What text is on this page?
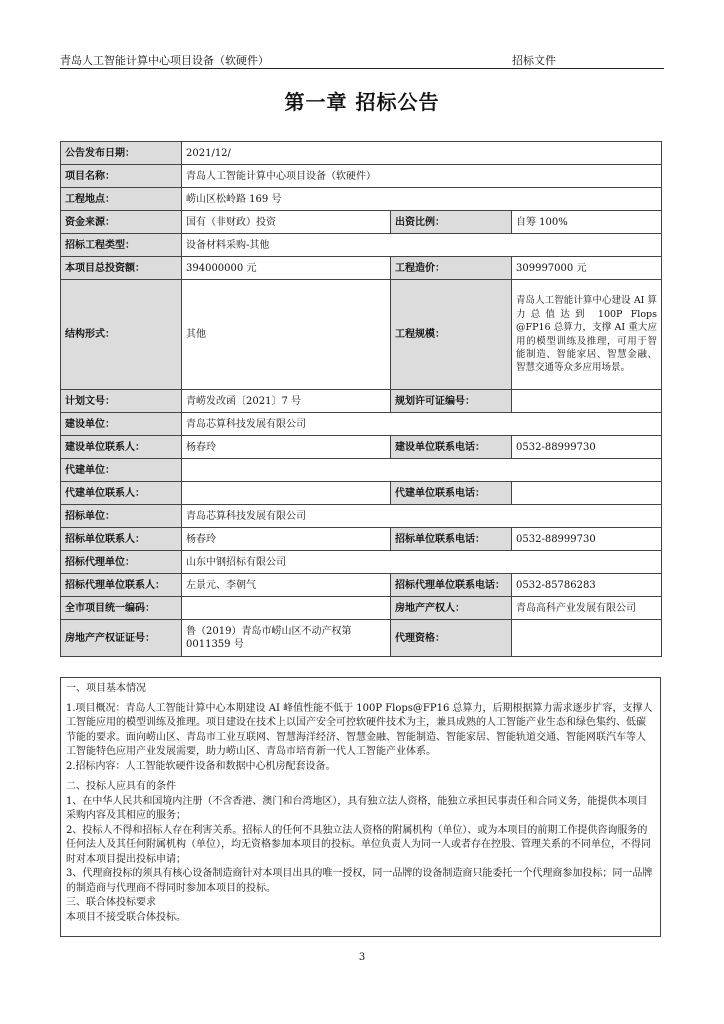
青岛人工智能计算中心项目设备（软硬件）	招标文件
第一章 招标公告
公告发布日期：	2021/12/		
项目名称：	青岛人工智能计算中心项目设备（软硬件）		
工程地点：	崂山区松岭路 169 号		
资金来源：	国有（非财政）投资	出资比例：	自筹 100%
招标工程类型：	设备材料采购-其他		
本项目总投资额：	394000000 元	工程造价：	309997000 元
结构形式：	其他	工程规模：	青岛人工智能计算中心建设 AI 算力总值达到 100P Flops @FP16 总算力，支撑 AI 重大应用的模型训练及推理，可用于智能制造、智能家居、智慧金融、智慧交通等众多应用场景。
计划文号：	青崂发改函〔2021〕7 号	规划许可证编号：	
建设单位：	青岛芯算科技发展有限公司		
建设单位联系人：	杨春玲	建设单位联系电话：	0532-88999730
代建单位：			
代建单位联系人：		代建单位联系电话：	
招标单位：	青岛芯算科技发展有限公司		
招标单位联系人：	杨春玲	招标单位联系电话：	0532-88999730
招标代理单位：	山东中钢招标有限公司		
招标代理单位联系人：	左景元、李朝气	招标代理单位联系电话：	0532-85786283
全市项目统一编码：		房地产产权人：	青岛高科产业发展有限公司
房地产产权证证号：	鲁（2019）青岛市崂山区不动产权第 0011359 号	代理资格：	

一、项目基本情况

1.项目概况：青岛人工智能计算中心本期建设 AI 峰值性能不低于 100P Flops@FP16 总算力，后期根据算力需求逐步扩容，支撑人工智能应用的模型训练及推理。项目建设在技术上以国产安全可控软硬件技术为主，兼具成熟的人工智能产业生态和绿色集约、低碳节能的要求。面向崂山区、青岛市工业互联网、智慧海洋经济、智慧金融、智能制造、智能家居、智能轨道交通、智能网联汽车等人工智能特色应用产业发展需要，助力崂山区、青岛市培育新一代人工智能产业体系。

2.招标内容：人工智能软硬件设备和数据中心机房配套设备。

二、投标人应具有的条件

1、在中华人民共和国境内注册（不含香港、澳门和台湾地区），具有独立法人资格，能独立承担民事责任和合同义务，能提供本项目采购内容及其相应的服务；

2、投标人不得和招标人存在利害关系。招标人的任何不具独立法人资格的附属机构（单位）、或为本项目的前期工作提供咨询服务的任何法人及其任何附属机构（单位），均无资格参加本项目的投标。单位负责人为同一人或者存在控股、管理关系的不同单位，不得同时对本项目提出投标申请；

3、代理商投标的须具有核心设备制造商针对本项目出具的唯一授权，同一品牌的设备制造商只能委托一个代理商参加投标；同一品牌的制造商与代理商不得同时参加本项目的投标。

三、联合体投标要求

本项目不接受联合体投标。

3
